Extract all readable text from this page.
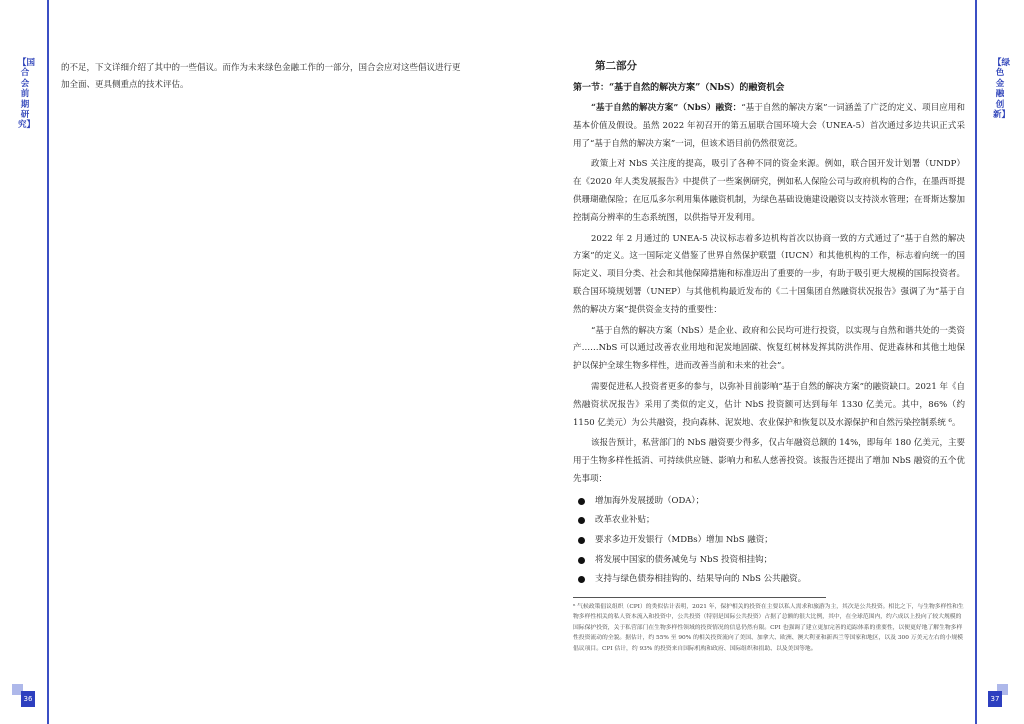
【国合会前期研究】
36
的不足，下文详细介绍了其中的一些倡议。而作为未来绿色金融工作的一部分，国合会应对这些倡议进行更加全面、更具侧重点的技术评估。
【绿色金融创新】
37
第二部分
第一节：“基于自然的解决方案”（NbS）的融资机会

“基于自然的解决方案”（NbS）融资：“基于自然的解决方案”一词涵盖了广泛的定义、项目应用和基本价值及假设。虽然 2022 年初召开的第五届联合国环境大会（UNEA-5）首次通过多边共识正式采用了“基于自然的解决方案”一词，但该术语目前仍然很宽泛。

政策上对 NbS 关注度的提高，吸引了各种不同的资金来源。例如，联合国开发计划署（UNDP）在《2020 年人类发展报告》中提供了一些案例研究，例如私人保险公司与政府机构的合作，在墨西哥提供珊瑚礁保险；在厄瓜多尔利用集体融资机制，为绿色基础设施建设融资以支持淡水管理；在哥斯达黎加控制高分辨率的生态系统图，以供指导开发利用。

2022 年 2 月通过的 UNEA-5 决议标志着多边机构首次以协商一致的方式通过了“基于自然的解决方案”的定义。这一国际定义借鉴了世界自然保护联盟（IUCN）和其他机构的工作，标志着向统一的国际定义、项目分类、社会和其他保障措施和标准迈出了重要的一步，有助于吸引更大规模的国际投资者。联合国环境规划署（UNEP）与其他机构最近发布的《二十国集团自然融资状况报告》强调了为“基于自然的解决方案”提供资金支持的重要性：

“基于自然的解决方案（NbS）是企业、政府和公民均可进行投资，以实现与自然和谐共处的一类资产……NbS 可以通过改善农业用地和泥炭地固碳、恢复红树林发挥其防洪作用、促进森林和其他土地保护以保护全球生物多样性，进而改善当前和未来的社会”。

需要促进私人投资者更多的参与，以弥补目前影响“基于自然的解决方案”的融资缺口。2021 年《自然融资状况报告》采用了类似的定义，估计 NbS 投资额可达到每年 1330 亿美元。其中，86%（约 1150 亿美元）为公共融资，投向森林、泥炭地、农业保护和恢复以及水源保护和自然污染控制系统 ⁶。

该报告预计，私营部门的 NbS 融资要少得多，仅占年融资总额的 14%，即每年 180 亿美元，主要用于生物多样性抵消、可持续供应链、影响力和私人慈善投资。该报告还提出了增加 NbS 融资的五个优先事项：

增加海外发展援助（ODA）；
改革农业补贴；
要求多边开发银行（MDBs）增加 NbS 融资；
将发展中国家的债务减免与 NbS 投资相挂钩；
支持与绿色债券相挂钩的、结果导向的 NbS 公共融资。
⁶ 气候政策倡议组织（CPI）的类似估计表明，2021 年，保护相关的投资在主要以私人需求和旅游为主，其次是公共投资。相比之下，与生物多样性和生物多样性相关的私人资本流入和投资中，公共投资（特别是国际公共投资）占据了总额的很大比例，其中，在全球范围内，约六成以上投向了较大规模的国际保护投资，关于私营部门在生物多样性领域的投资情况的信息仍然有限。CPI 也强调了建立更加完善的追踪体系的重要性，以便更好地了解生物多样性投资流动的全貌。据估计，约 55% 至 90% 的相关投资流向了美国、加拿大、欧洲、澳大利亚和新西兰等国家和地区，以及 300 万美元左右的小规模倡议项目。CPI 估计，约 93% 的投资来自国际机构和政府、国际组织和捐助、以及美国等地。
